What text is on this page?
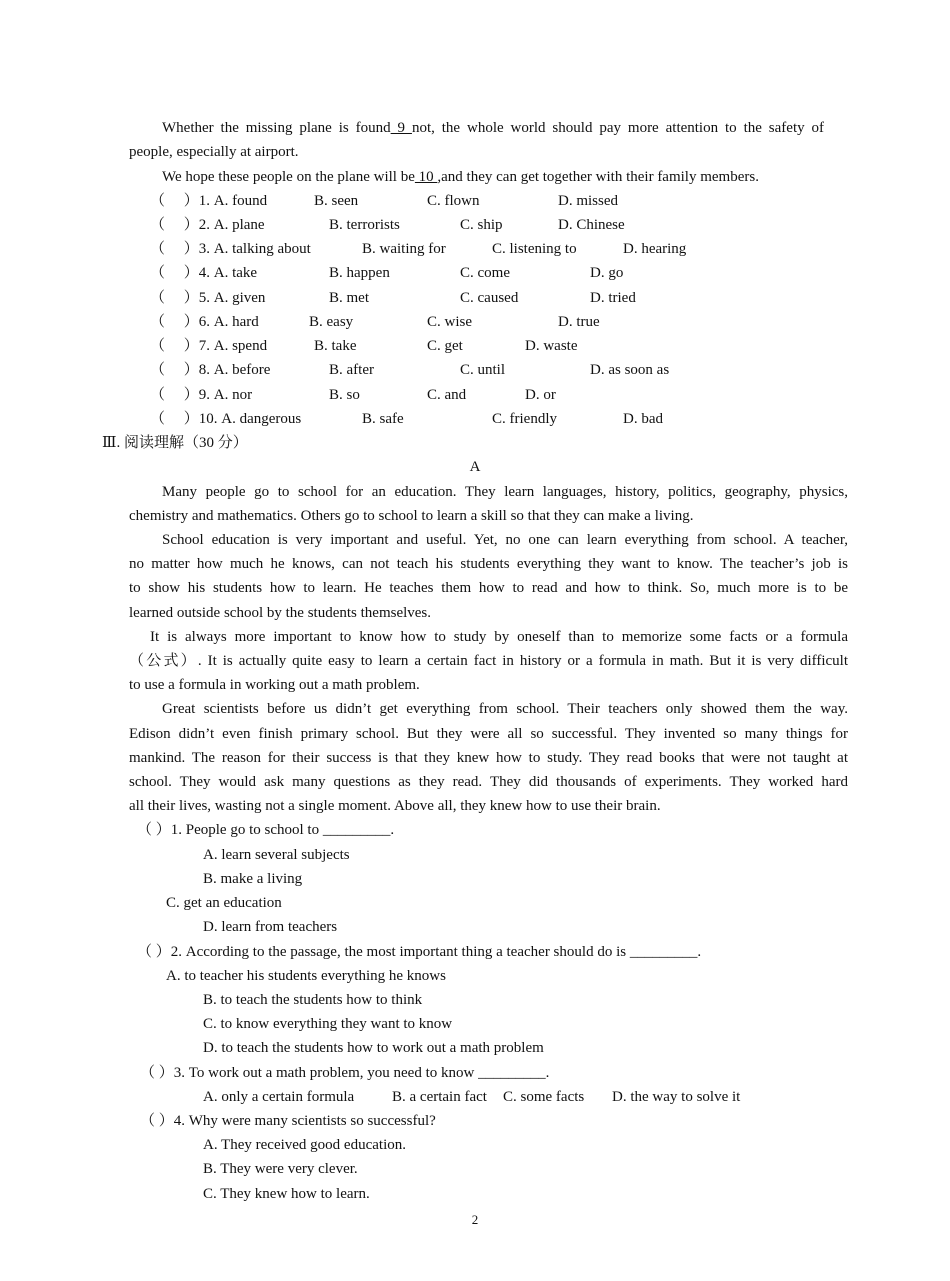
Whether the missing plane is found 9 not, the whole world should pay more attention to the safety of
people, especially at airport.
We hope these people on the plane will be 10 ,and they can get together with their family members.
（　 ）1. A. found	B. seen	C. flown	D. missed
（　 ）2. A. plane	B. terrorists	C. ship	D. Chinese
（　 ）3. A. talking about	B. waiting for	C. listening to	D. hearing
（　 ）4. A. take	B. happen	C. come	D. go
（　 ）5. A. given	B. met	C. caused	D. tried
（　 ）6. A. hard	B. easy	C. wise	D. true
（　 ）7. A. spend	B. take	C. get	D. waste
（　 ）8. A. before	B. after	C. until	D. as soon as
（　 ）9. A. nor	B. so	C. and	D. or
（　 ）10. A. dangerous	B. safe	C. friendly	D. bad
Ⅲ. 阅读理解（30 分）
A
Many people go to school for an education. They learn languages, history, politics, geography, physics,
chemistry and mathematics. Others go to school to learn a skill so that they can make a living.
School education is very important and useful. Yet, no one can learn everything from school. A teacher,
no matter how much he knows, can not teach his students everything they want to know. The teacher’s job is
to show his students how to learn. He teaches them how to read and how to think. So, much more is to be
learned outside school by the students themselves.
It is always more important to know how to study by oneself than to memorize some facts or a formula
（公式）. It is actually quite easy to learn a certain fact in history or a formula in math. But it is very difficult
to use a formula in working out a math problem.
Great scientists before us didn’t get everything from school. Their teachers only showed them the way.
Edison didn’t even finish primary school. But they were all so successful. They invented so many things for
mankind. The reason for their success is that they knew how to study. They read books that were not taught at
school. They would ask many questions as they read. They did thousands of experiments. They worked hard
all their lives, wasting not a single moment. Above all, they knew how to use their brain.
（ ）1. People go to school to _________.
A. learn several subjects
B. make a living
C. get an education
D. learn from teachers
（ ）2. According to the passage, the most important thing a teacher should do is _________.
A. to teacher his students everything he knows
B. to teach the students how to think
C. to know everything they want to know
D. to teach the students how to work out a math problem
（ ）3. To work out a math problem, you need to know _________.
A. only a certain formula	B. a certain fact C. some facts D. the way to solve it
（ ）4. Why were many scientists so successful?
A. They received good education.
B. They were very clever.
C. They knew how to learn.
2
